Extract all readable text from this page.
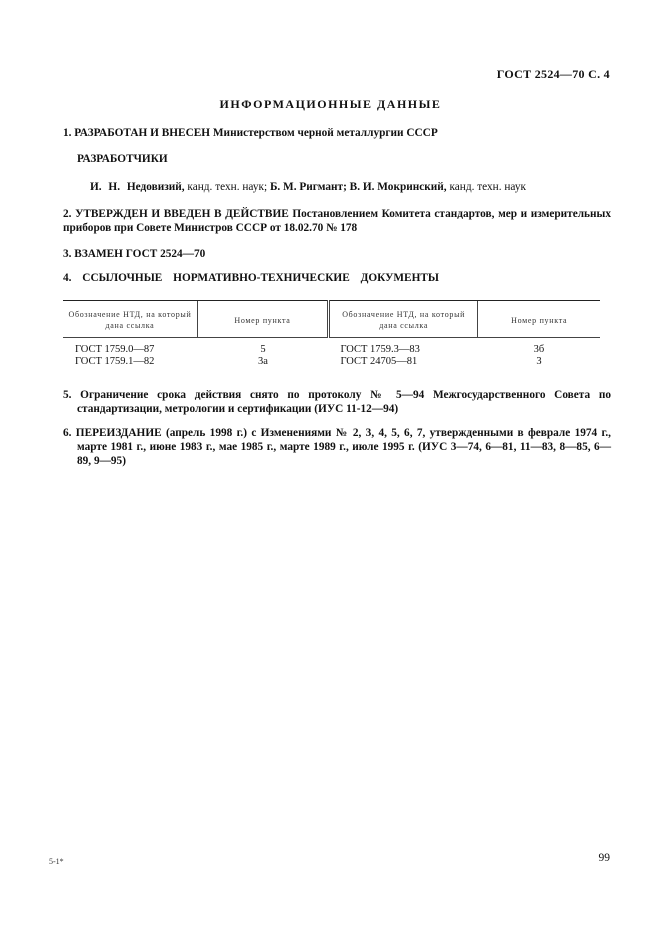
ГОСТ 2524—70 С. 4
ИНФОРМАЦИОННЫЕ ДАННЫЕ
1. РАЗРАБОТАН И ВНЕСЕН Министерством черной металлургии СССР
РАЗРАБОТЧИКИ
И. Н. Недовизий, канд. техн. наук; Б. М. Ригмант; В. И. Мокринский, канд. техн. наук
2. УТВЕРЖДЕН И ВВЕДЕН В ДЕЙСТВИЕ Постановлением Комитета стандартов, мер и измерительных приборов при Совете Министров СССР от 18.02.70 № 178
3. ВЗАМЕН ГОСТ 2524—70
4. ССЫЛОЧНЫЕ НОРМАТИВНО-ТЕХНИЧЕСКИЕ ДОКУМЕНТЫ
Обозначение НТД, на который дана ссылка	Номер пункта	Обозначение НТД, на который дана ссылка	Номер пункта
ГОСТ 1759.0—87	5	ГОСТ 1759.3—83	3б
ГОСТ 1759.1—82	3а	ГОСТ 24705—81	3
5. Ограничение срока действия снято по протоколу № 5—94 Межгосударственного Совета по стандартизации, метрологии и сертификации (ИУС 11-12—94)
6. ПЕРЕИЗДАНИЕ (апрель 1998 г.) с Изменениями № 2, 3, 4, 5, 6, 7, утвержденными в феврале 1974 г., марте 1981 г., июне 1983 г., мае 1985 г., марте 1989 г., июле 1995 г. (ИУС 3—74, 6—81, 11—83, 8—85, 6—89, 9—95)
5-1*	99
